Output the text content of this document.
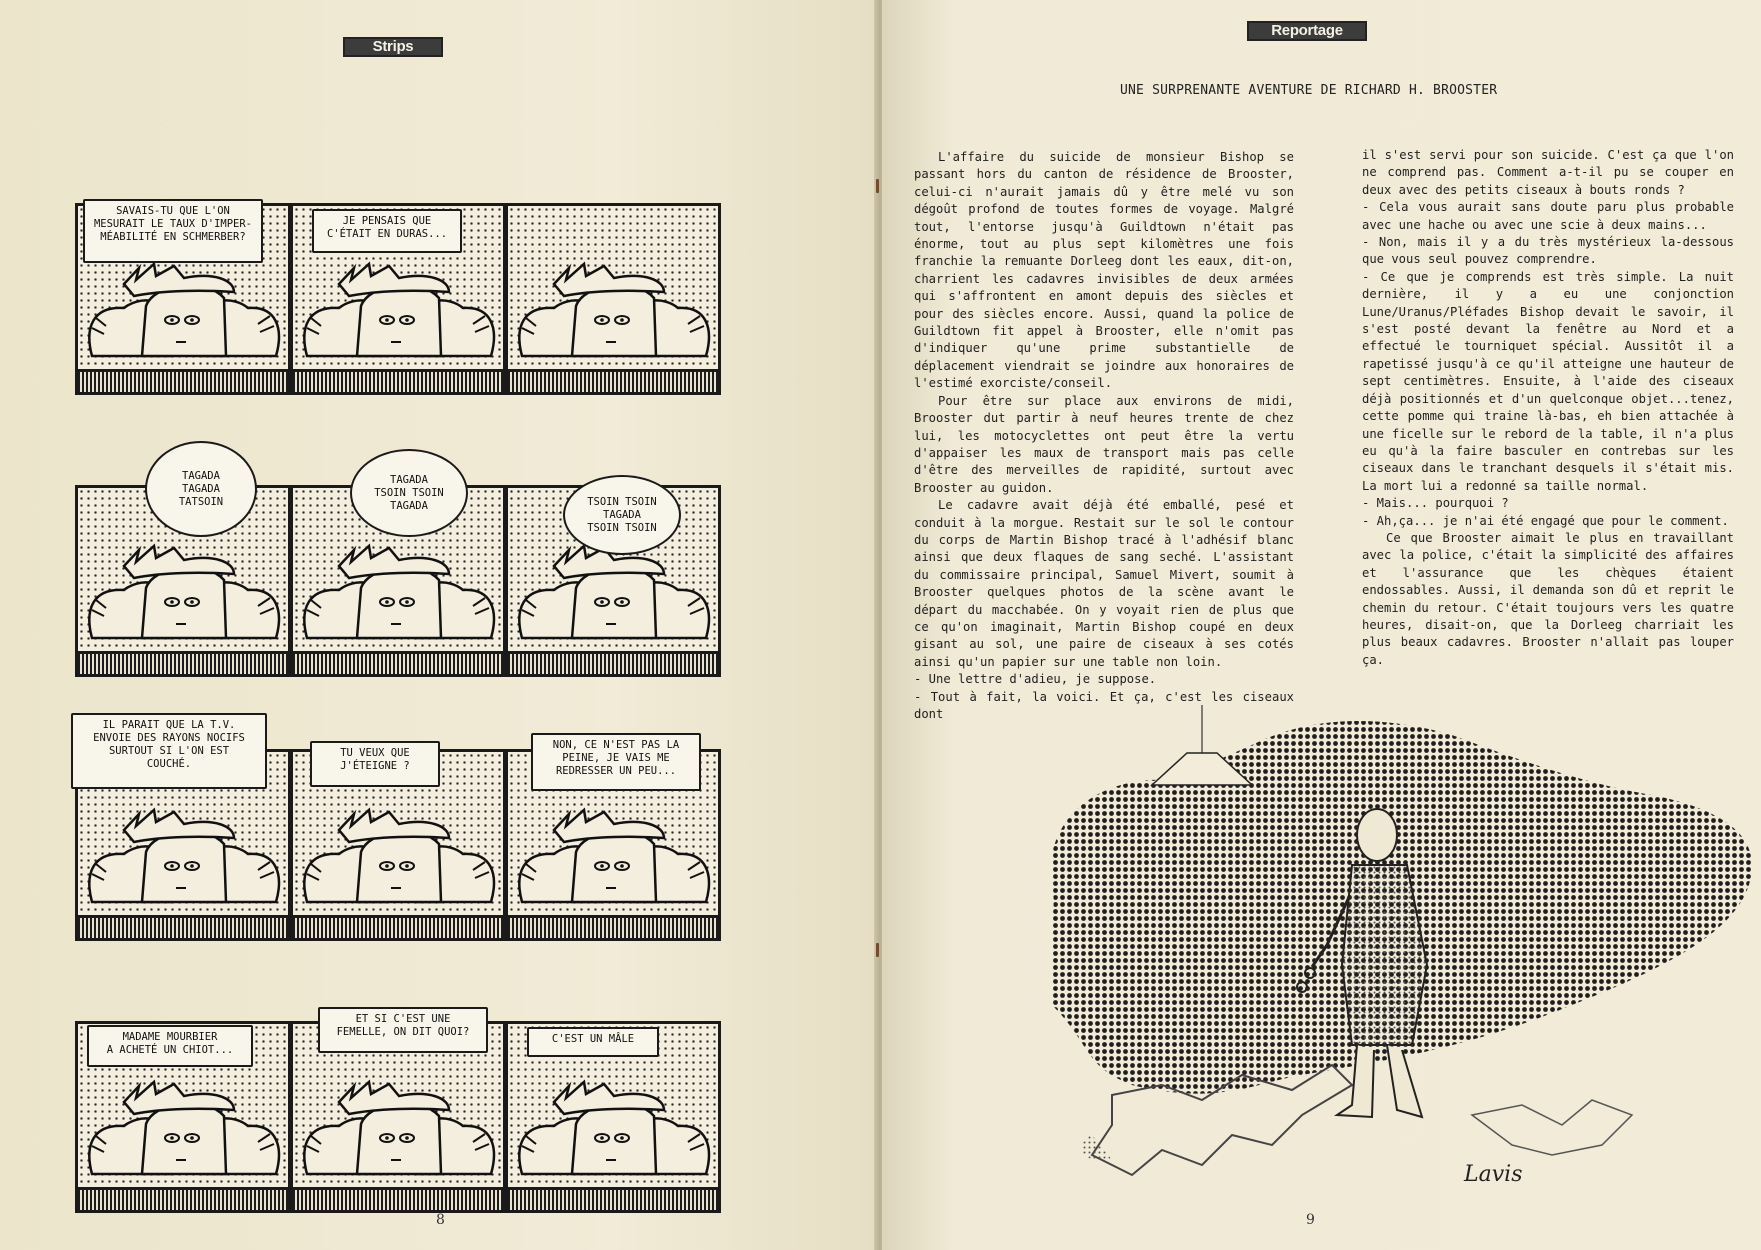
Strips
SAVAIS-TU QUE L'ON
MESURAIT LE TAUX D'IMPER-
MÉABILITÉ EN SCHMERBER?
JE PENSAIS QUE
C'ÉTAIT EN DURAS...
TAGADA
TAGADA
TATSOIN
TAGADA
TSOIN TSOIN
TAGADA	TSOIN TSOIN
TAGADA
TSOIN TSOIN
IL PARAIT QUE LA T.V.
ENVOIE DES RAYONS NOCIFS
SURTOUT SI L'ON EST
COUCHÉ.
TU VEUX QUE
J'ÉTEIGNE ?
NON, CE N'EST PAS LA
PEINE, JE VAIS ME
REDRESSER UN PEU...
MADAME MOURBIER
A ACHETÉ UN CHIOT...
ET SI C'EST UNE
FEMELLE, ON DIT QUOI?
C'EST UN MÂLE
8
Reportage
UNE SURPRENANTE AVENTURE DE RICHARD H. BROOSTER

L'affaire du suicide de monsieur Bishop se passant hors du canton de résidence de Brooster, celui-ci n'aurait jamais dû y être melé vu son dégoût profond de toutes formes de voyage. Malgré tout, l'entorse jusqu'à Guildtown n'était pas énorme, tout au plus sept kilomètres une fois franchie la remuante Dorleeg dont les eaux, dit-on, charrient les cadavres invisibles de deux armées qui s'affrontent en amont depuis des siècles et pour des siècles encore. Aussi, quand la police de Guildtown fit appel à Brooster, elle n'omit pas d'indiquer qu'une prime substantielle de déplacement viendrait se joindre aux honoraires de l'estimé exorciste/conseil.

Pour être sur place aux environs de midi, Brooster dut partir à neuf heures trente de chez lui, les motocyclettes ont peut être la vertu d'appaiser les maux de transport mais pas celle d'être des merveilles de rapidité, surtout avec Brooster au guidon.

Le cadavre avait déjà été emballé, pesé et conduit à la morgue. Restait sur le sol le contour du corps de Martin Bishop tracé à l'adhésif blanc ainsi que deux flaques de sang seché. L'assistant du commissaire principal, Samuel Mivert, soumit à Brooster quelques photos de la scène avant le départ du macchabée. On y voyait rien de plus que ce qu'on imaginait, Martin Bishop coupé en deux gisant au sol, une paire de ciseaux à ses cotés ainsi qu'un papier sur une table non loin.

- Une lettre d'adieu, je suppose.

- Tout à fait, la voici. Et ça, c'est les ciseaux dont

il s'est servi pour son suicide. C'est ça que l'on ne comprend pas. Comment a-t-il pu se couper en deux avec des petits ciseaux à bouts ronds ?

- Cela vous aurait sans doute paru plus probable avec une hache ou avec une scie à deux mains...

- Non, mais il y a du très mystérieux la-dessous que vous seul pouvez comprendre.

- Ce que je comprends est très simple. La nuit dernière, il y a eu une conjonction Lune/Uranus/Pléfades Bishop devait le savoir, il s'est posté devant la fenêtre au Nord et a effectué le tourniquet spécial. Aussitôt il a rapetissé jusqu'à ce qu'il atteigne une hauteur de sept centimètres. Ensuite, à l'aide des ciseaux déjà positionnés et d'un quelconque objet...tenez, cette pomme qui traine là-bas, eh bien attachée à une ficelle sur le rebord de la table, il n'a plus eu qu'à la faire basculer en contrebas sur les ciseaux dans le tranchant desquels il s'était mis. La mort lui a redonné sa taille normal.

- Mais... pourquoi ?

- Ah,ça... je n'ai été engagé que pour le comment.

Ce que Brooster aimait le plus en travaillant avec la police, c'était la simplicité des affaires et l'assurance que les chèques étaient endossables. Aussi, il demanda son dû et reprit le chemin du retour. C'était toujours vers les quatre heures, disait-on, que la Dorleeg charriait les plus beaux cadavres. Brooster n'allait pas louper ça.

Lavis
9
